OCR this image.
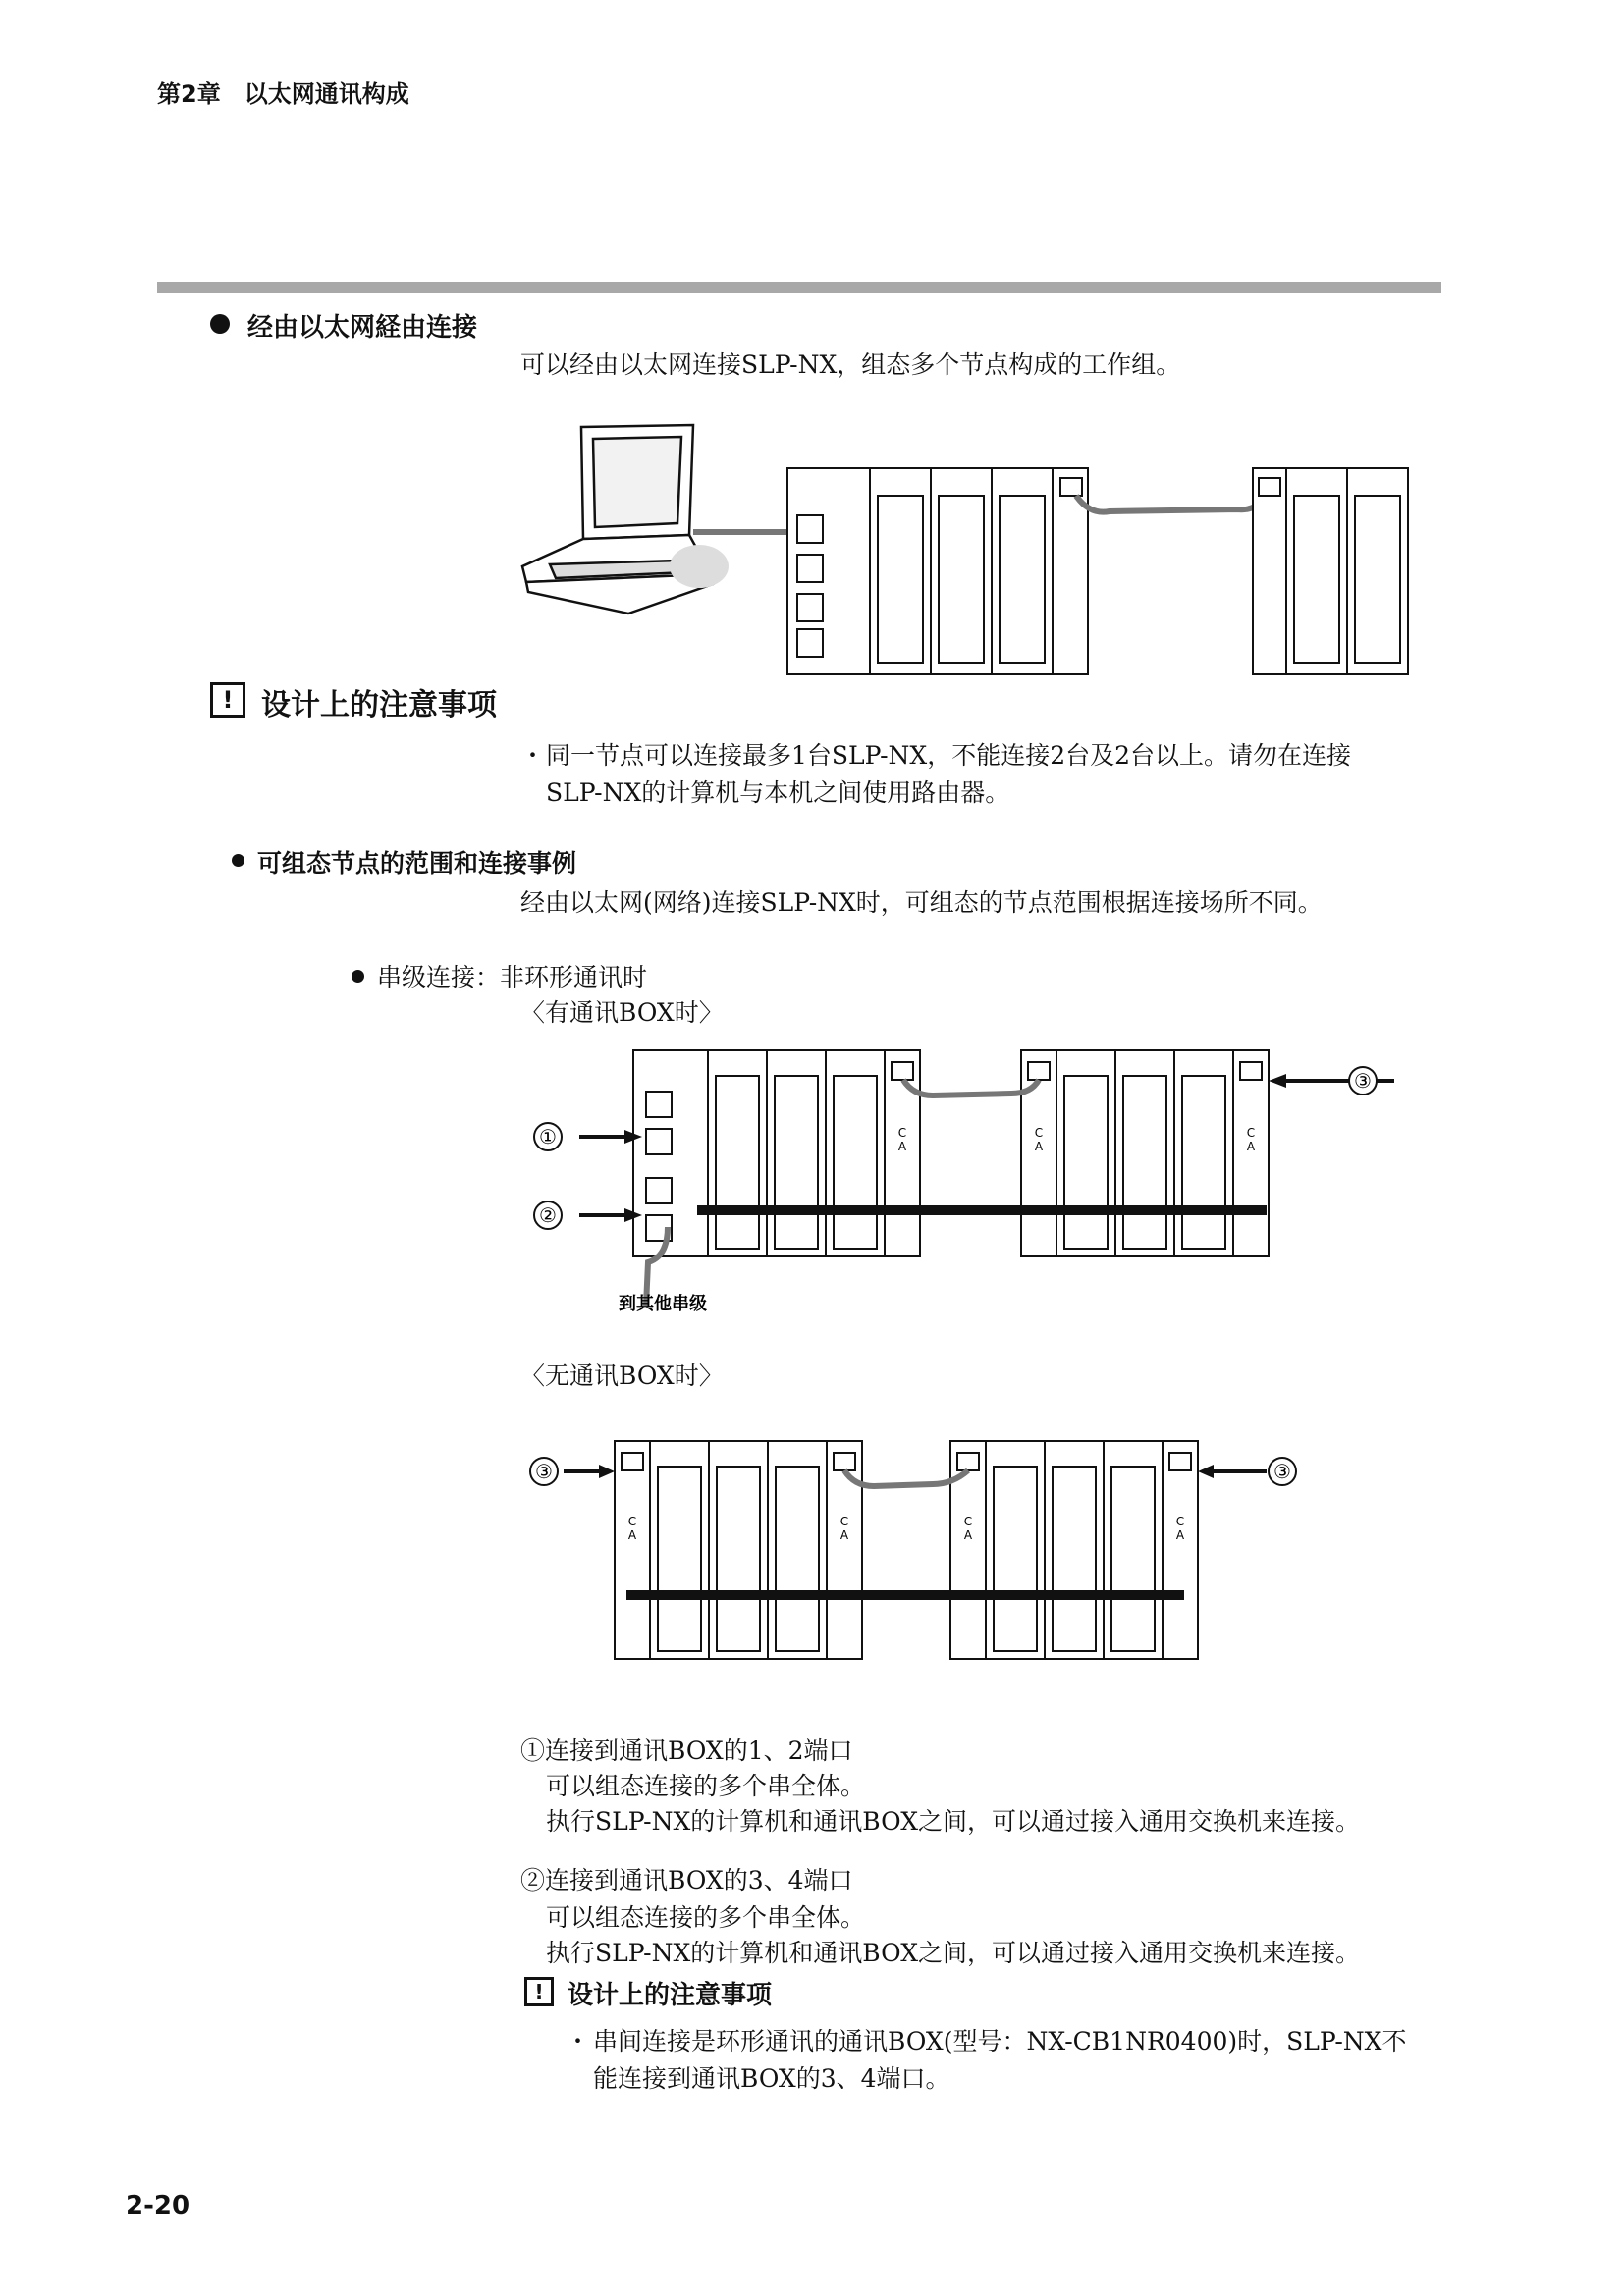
第2章　以太网通讯构成
经由以太网経由连接
可以经由以太网连接SLP-NX，组态多个节点构成的工作组。
! 设计上的注意事项
・ 同一节点可以连接最多1台SLP-NX，不能连接2台及2台以上。请勿在连接
SLP-NX的计算机与本机之间使用路由器。
可组态节点的范围和连接事例
经由以太网(网络)连接SLP-NX时，可组态的节点范围根据连接场所不同。
串级连接：非环形通讯时
〈有通讯BOX时〉
③
①
②
C
A
C
A
C
A
到其他串级
〈无通讯BOX时〉
③	③
C
A
C
A
C
A
C
A
①连接到通讯BOX的1、2端口
可以组态连接的多个串全体。
执行SLP-NX的计算机和通讯BOX之间，可以通过接入通用交换机来连接。
②连接到通讯BOX的3、4端口
可以组态连接的多个串全体。
执行SLP-NX的计算机和通讯BOX之间，可以通过接入通用交换机来连接。
! 设计上的注意事项
・ 串间连接是环形通讯的通讯BOX(型号：NX-CB1NR0400)时，SLP-NX不
能连接到通讯BOX的3、4端口。
2-20
